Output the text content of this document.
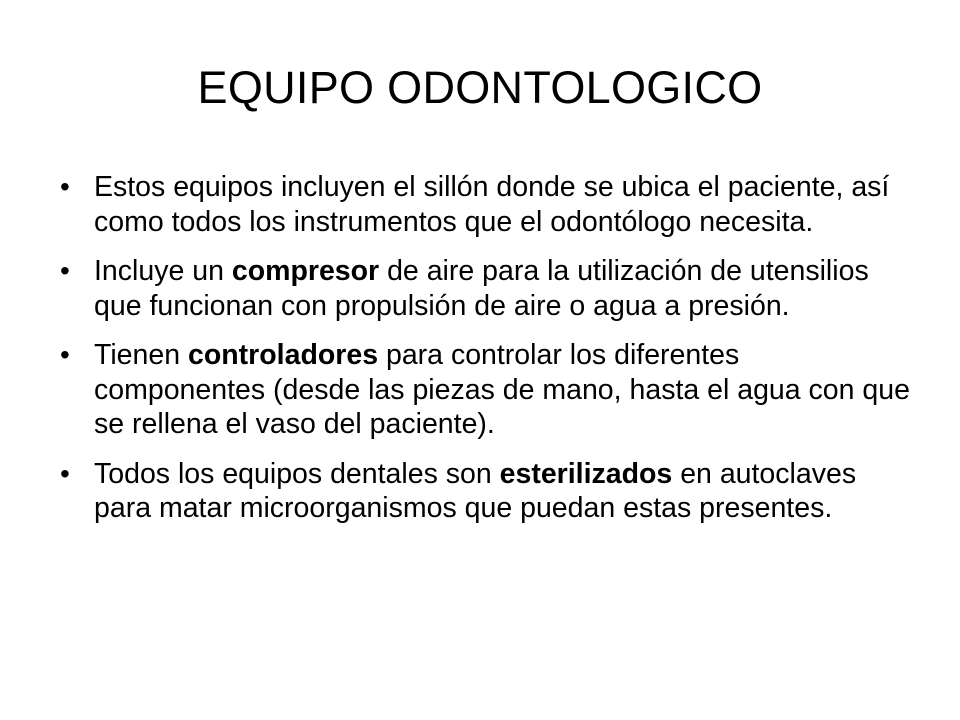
EQUIPO ODONTOLOGICO
• Estos equipos incluyen el sillón donde se ubica el paciente, así como todos los instrumentos que el odontólogo necesita.
• Incluye un compresor de aire para la utilización de utensilios que funcionan con propulsión de aire o agua a presión.
• Tienen controladores para controlar los diferentes componentes (desde las piezas de mano, hasta el agua con que se rellena el vaso del paciente).
• Todos los equipos dentales son esterilizados en autoclaves para matar microorganismos que puedan estas presentes.
